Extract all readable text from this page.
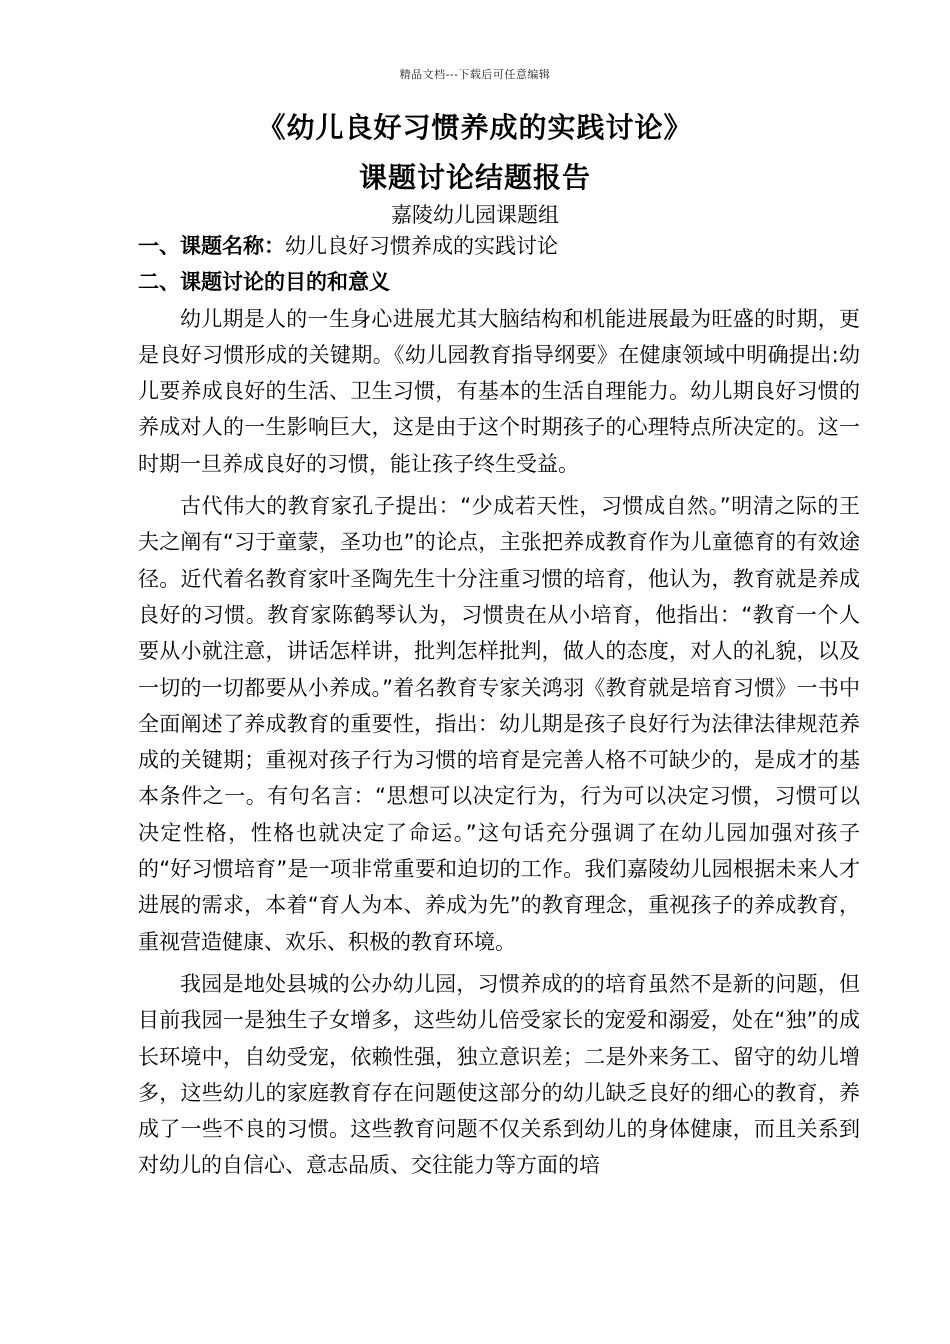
精品文档---下载后可任意编辑
《幼儿良好习惯养成的实践讨论》
课题讨论结题报告
嘉陵幼儿园课题组

一、课题名称：幼儿良好习惯养成的实践讨论

二、课题讨论的目的和意义

幼儿期是人的一生身心进展尤其大脑结构和机能进展最为旺盛的时期，更是良好习惯形成的关键期。《幼儿园教育指导纲要》在健康领域中明确提出:幼儿要养成良好的生活、卫生习惯，有基本的生活自理能力。幼儿期良好习惯的养成对人的一生影响巨大，这是由于这个时期孩子的心理特点所决定的。这一时期一旦养成良好的习惯，能让孩子终生受益。

古代伟大的教育家孔子提出：“少成若天性，习惯成自然。”明清之际的王夫之阐有“习于童蒙，圣功也”的论点，主张把养成教育作为儿童德育的有效途径。近代着名教育家叶圣陶先生十分注重习惯的培育，他认为，教育就是养成良好的习惯。教育家陈鹤琴认为，习惯贵在从小培育，他指出：“教育一个人要从小就注意，讲话怎样讲，批判怎样批判，做人的态度，对人的礼貌，以及一切的一切都要从小养成。”着名教育专家关鸿羽《教育就是培育习惯》一书中全面阐述了养成教育的重要性，指出：幼儿期是孩子良好行为法律法律规范养成的关键期；重视对孩子行为习惯的培育是完善人格不可缺少的，是成才的基本条件之一。有句名言：“思想可以决定行为，行为可以决定习惯，习惯可以决定性格，性格也就决定了命运。”这句话充分强调了在幼儿园加强对孩子的“好习惯培育”是一项非常重要和迫切的工作。我们嘉陵幼儿园根据未来人才进展的需求，本着“育人为本、养成为先”的教育理念，重视孩子的养成教育，重视营造健康、欢乐、积极的教育环境。

我园是地处县城的公办幼儿园，习惯养成的的培育虽然不是新的问题，但目前我园一是独生子女增多，这些幼儿倍受家长的宠爱和溺爱，处在“独”的成长环境中，自幼受宠，依赖性强，独立意识差；二是外来务工、留守的幼儿增多，这些幼儿的家庭教育存在问题使这部分的幼儿缺乏良好的细心的教育，养成了一些不良的习惯。这些教育问题不仅关系到幼儿的身体健康，而且关系到对幼儿的自信心、意志品质、交往能力等方面的培
